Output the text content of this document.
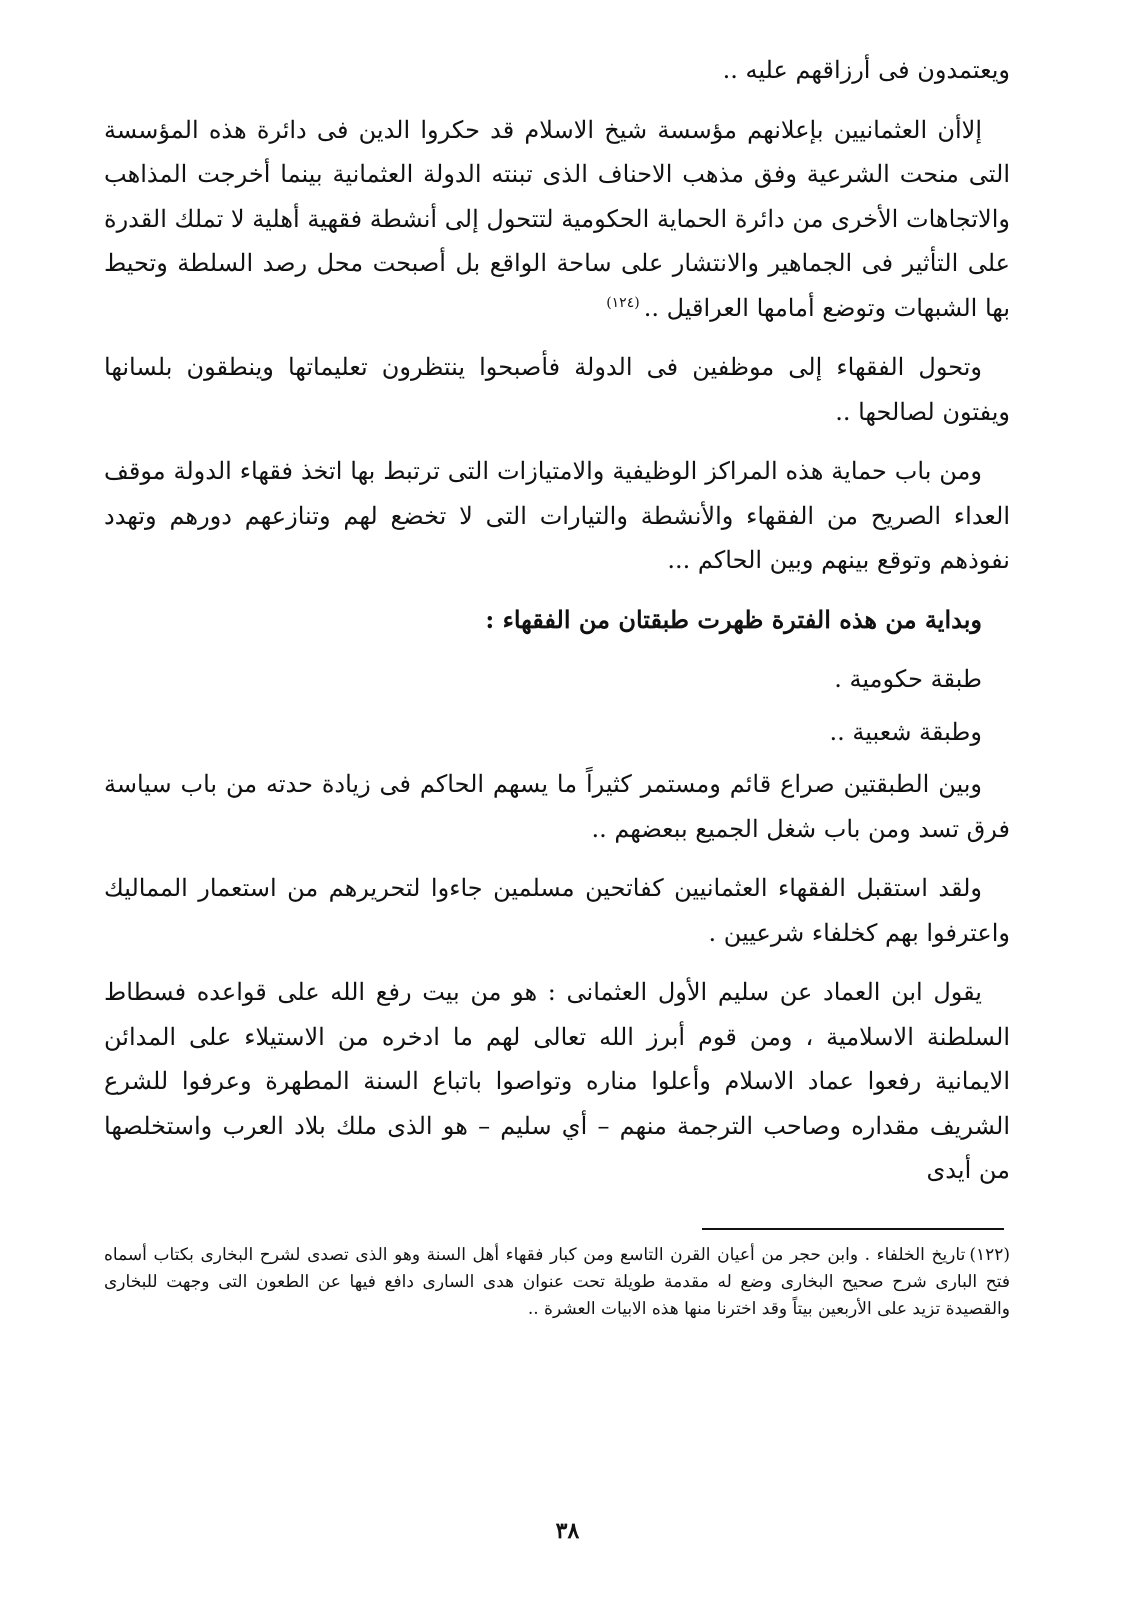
ويعتمدون فى أرزاقهم عليه ..

إلاأن العثمانيين بإعلانهم مؤسسة شيخ الاسلام قد حكروا الدين فى دائرة هذه المؤسسة التى منحت الشرعية وفق مذهب الاحناف الذى تبنته الدولة العثمانية بينما أخرجت المذاهب والاتجاهات الأخرى من دائرة الحماية الحكومية لتتحول إلى أنشطة فقهية أهلية لا تملك القدرة على التأثير فى الجماهير والانتشار على ساحة الواقع بل أصبحت محل رصد السلطة وتحيط بها الشبهات وتوضع أمامها العراقيل ..$^{(١٢٤)}$

وتحول الفقهاء إلى موظفين فى الدولة فأصبحوا ينتظرون تعليماتها وينطقون بلسانها ويفتون لصالحها ..

ومن باب حماية هذه المراكز الوظيفية والامتيازات التى ترتبط بها اتخذ فقهاء الدولة موقف العداء الصريح من الفقهاء والأنشطة والتيارات التى لا تخضع لهم وتنازعهم دورهم وتهدد نفوذهم وتوقع بينهم وبين الحاكم ...

وبداية من هذه الفترة ظهرت طبقتان من الفقهاء :

طبقة حكومية .

وطبقة شعبية ..

وبين الطبقتين صراع قائم ومستمر كثيراً ما يسهم الحاكم فى زيادة حدته من باب سياسة فرق تسد ومن باب شغل الجميع ببعضهم ..

ولقد استقبل الفقهاء العثمانيين كفاتحين مسلمين جاءوا لتحريرهم من استعمار المماليك واعترفوا بهم كخلفاء شرعيين .

يقول ابن العماد عن سليم الأول العثمانى : هو من بيت رفع الله على قواعده فسطاط السلطنة الاسلامية ، ومن قوم أبرز الله تعالى لهم ما ادخره من الاستيلاء على المدائن الايمانية رفعوا عماد الاسلام وأعلوا مناره وتواصوا باتباع السنة المطهرة وعرفوا للشرع الشريف مقداره وصاحب الترجمة منهم – أي سليم – هو الذى ملك بلاد العرب واستخلصها من أيدى

(١٢٢)تاريخ الخلفاء . وابن حجر من أعيان القرن التاسع ومن كبار فقهاء أهل السنة وهو الذى تصدى لشرح البخارى بكتاب أسماه فتح البارى شرح صحيح البخارى وضع له مقدمة طويلة تحت عنوان هدى السارى دافع فيها عن الطعون التى وجهت للبخارى والقصيدة تزيد على الأربعين بيتاً وقد اخترنا منها هذه الابيات العشرة ..

٣٨
